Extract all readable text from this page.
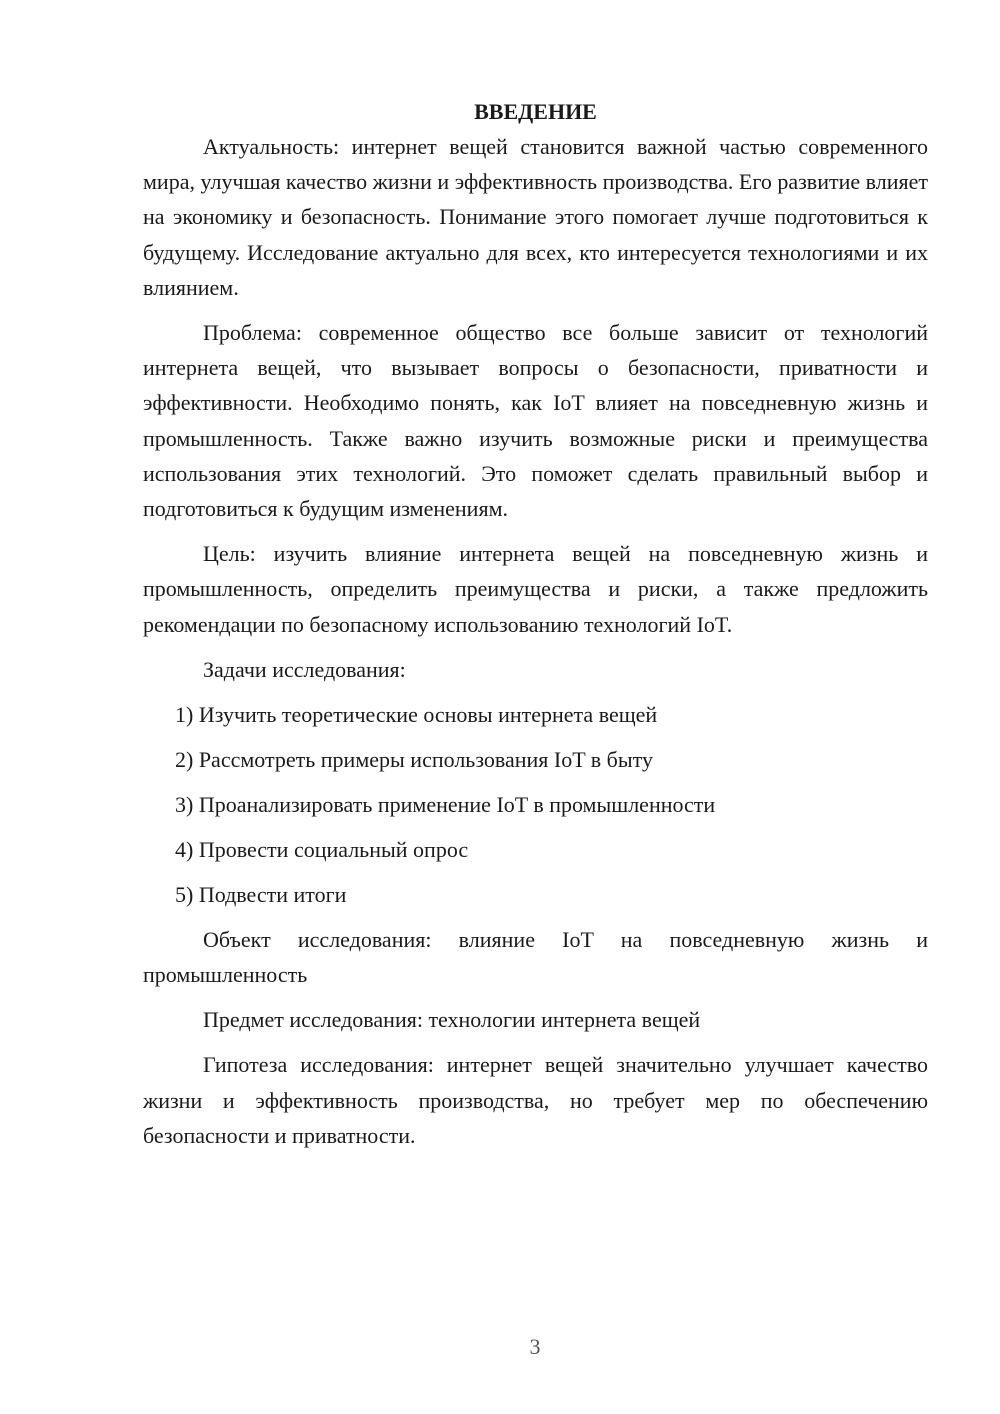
ВВЕДЕНИЕ

Актуальность: интернет вещей становится важной частью современного мира, улучшая качество жизни и эффективность производства. Его развитие влияет на экономику и безопасность. Понимание этого помогает лучше подготовиться к будущему. Исследование актуально для всех, кто интересуется технологиями и их влиянием.

Проблема: современное общество все больше зависит от технологий интернета вещей, что вызывает вопросы о безопасности, приватности и эффективности. Необходимо понять, как IoT влияет на повседневную жизнь и промышленность. Также важно изучить возможные риски и преимущества использования этих технологий. Это поможет сделать правильный выбор и подготовиться к будущим изменениям.

Цель: изучить влияние интернета вещей на повседневную жизнь и промышленность, определить преимущества и риски, а также предложить рекомендации по безопасному использованию технологий IoT.

Задачи исследования:

1) Изучить теоретические основы интернета вещей
2) Рассмотреть примеры использования IoT в быту
3) Проанализировать применение IoT в промышленности
4) Провести социальный опрос
5) Подвести итоги

Объект исследования: влияние IoT на повседневную жизнь и промышленность

Предмет исследования: технологии интернета вещей

Гипотеза исследования: интернет вещей значительно улучшает качество жизни и эффективность производства, но требует мер по обеспечению безопасности и приватности.

3
